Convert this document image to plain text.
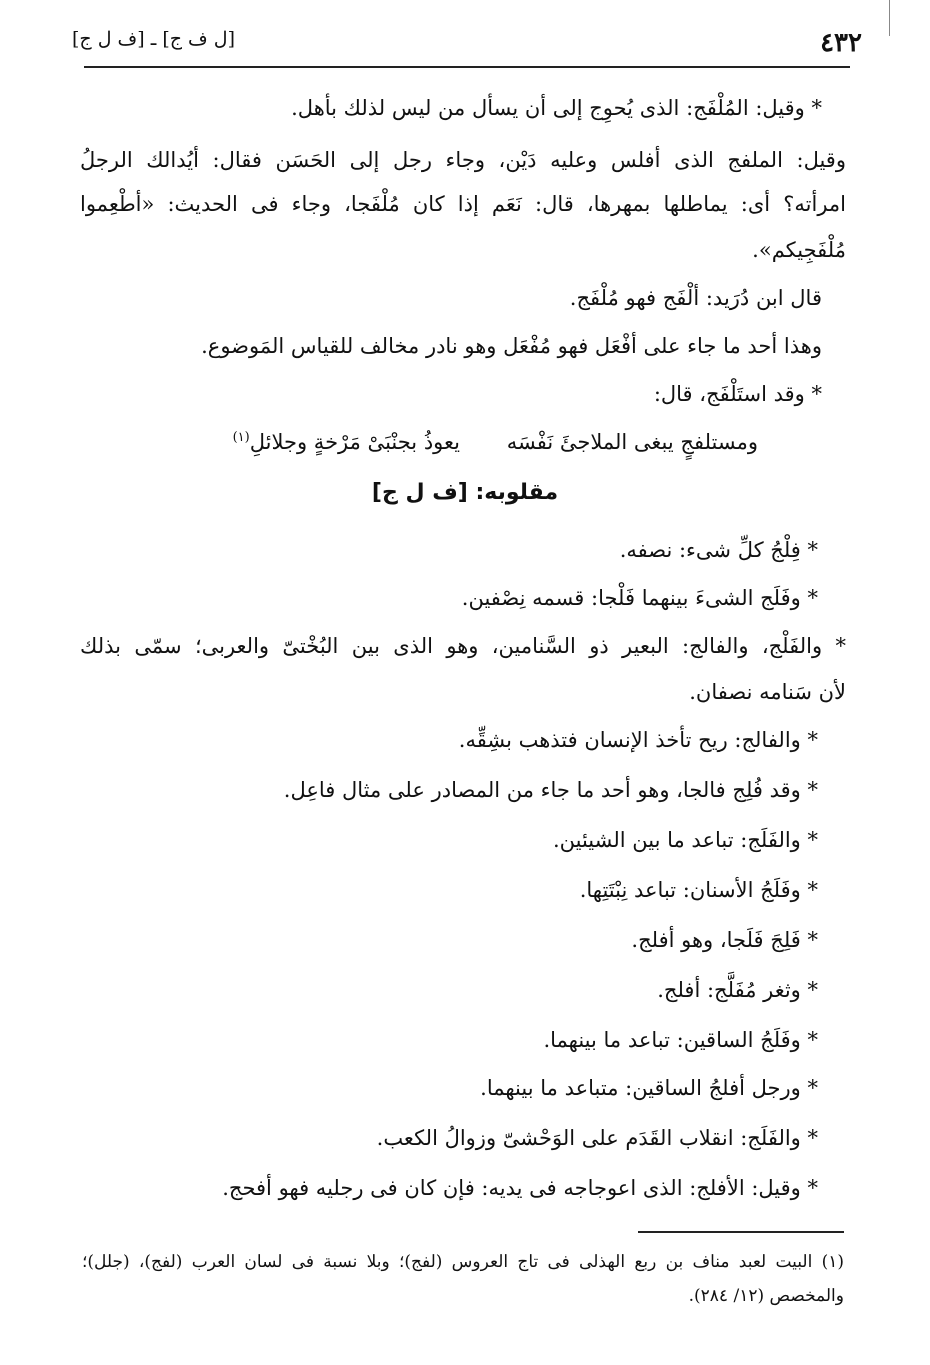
٤٣٢
[ل ف ج] ـ [ف ل ج]
* وقيل: المُلْفَج: الذى يُحوِج إلى أن يسأل من ليس لذلك بأهل.
وقيل: الملفج الذى أفلس وعليه دَيْن، وجاء رجل إلى الحَسَن فقال: أيُدالك الرجلُ
امرأته؟ أى: يماطلها بمهرها، قال: نَعَم إذا كان مُلْفَجا، وجاء فى الحديث: «أطْعِموا
مُلْفَجِيكم».
قال ابن دُرَيد: ألْفَج فهو مُلْفَج.
وهذا أحد ما جاء على أفْعَل فهو مُفْعَل وهو نادر مخالف للقياس المَوضوع.
* وقد استَلْفَج، قال:
ومستلفجٍ يبغى الملاجئَ نَفْسَه
يعوذُ بجنْبَىْ مَرْخةٍ وجلائلِ$^{(١)}$
مقلوبه: [ف ل ج]
* فِلْجُ كلِّ شىء: نصفه.
* وفَلَج الشىءَ بينهما فَلْجا: قسمه نِصْفين.
* والفَلْج، والفالج: البعير ذو السَّنامين، وهو الذى بين البُخْتىّ والعربى؛ سمّى بذلك
لأن سَنامه نصفان.
* والفالج: ريح تأخذ الإنسان فتذهب بشِقِّه.
* وقد فُلِج فالجا، وهو أحد ما جاء من المصادر على مثال فاعِل.
* والفَلَج: تباعد ما بين الشيئين.
* وفَلَجُ الأسنان: تباعد نِبْتَتِها.
* فَلِجَ فَلَجا، وهو أفلج.
* وثغر مُفَلَّج: أفلج.
* وفَلَجُ الساقين: تباعد ما بينهما.
* ورجل أفلجُ الساقين: متباعد ما بينهما.
* والفَلَج: انقلاب القَدَم على الوَحْشىّ وزوالُ الكعب.
* وقيل: الأفلج: الذى اعوجاجه فى يديه: فإن كان فى رجليه فهو أفحج.
(١) البيت لعبد مناف بن ربع الهذلى فى تاج العروس (لفج)؛ وبلا نسبة فى لسان العرب (لفج)، (جلل)؛
والمخصص (١٢/ ٢٨٤).
